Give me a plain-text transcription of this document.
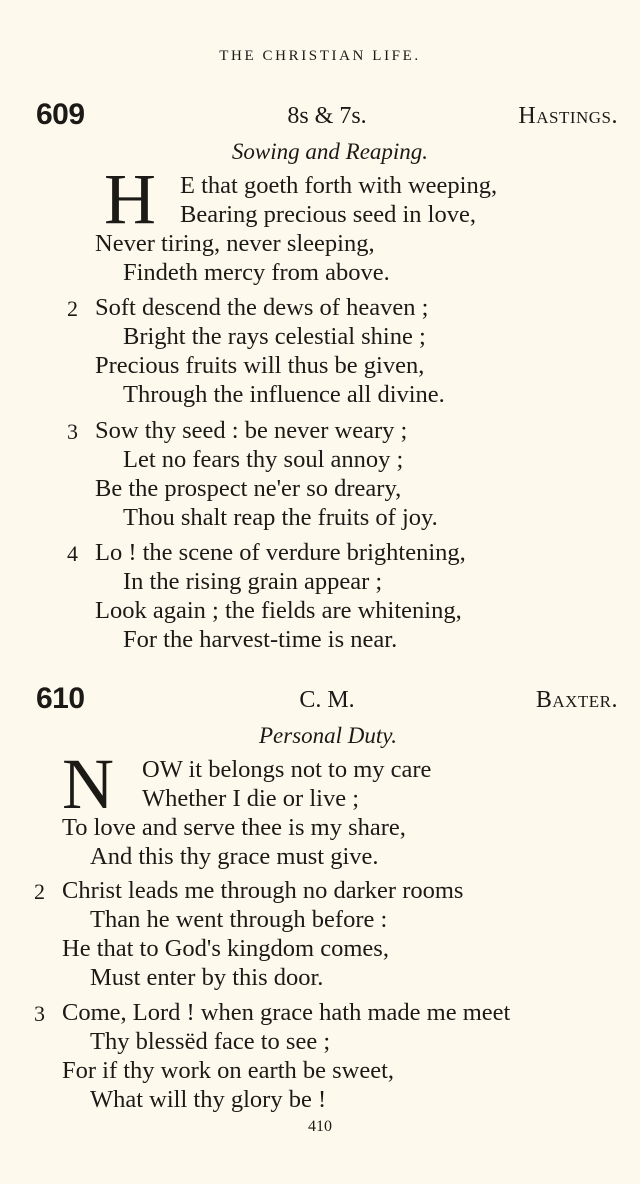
THE CHRISTIAN LIFE.
609	8s & 7s.	Hastings.
Sowing and Reaping.
H E that goeth forth with weeping,
Bearing precious seed in love,
Never tiring, never sleeping,
Findeth mercy from above.
2 Soft descend the dews of heaven ;
Bright the rays celestial shine ;
Precious fruits will thus be given,
Through the influence all divine.
3 Sow thy seed : be never weary ;
Let no fears thy soul annoy ;
Be the prospect ne'er so dreary,
Thou shalt reap the fruits of joy.
4 Lo ! the scene of verdure brightening,
In the rising grain appear ;
Look again ; the fields are whitening,
For the harvest-time is near.
610	C. M.	Baxter.
Personal Duty.
N OW it belongs not to my care
Whether I die or live ;
To love and serve thee is my share,
And this thy grace must give.
2 Christ leads me through no darker rooms
Than he went through before :
He that to God's kingdom comes,
Must enter by this door.
3 Come, Lord ! when grace hath made me meet
Thy blessëd face to see ;
For if thy work on earth be sweet,
What will thy glory be !
410
